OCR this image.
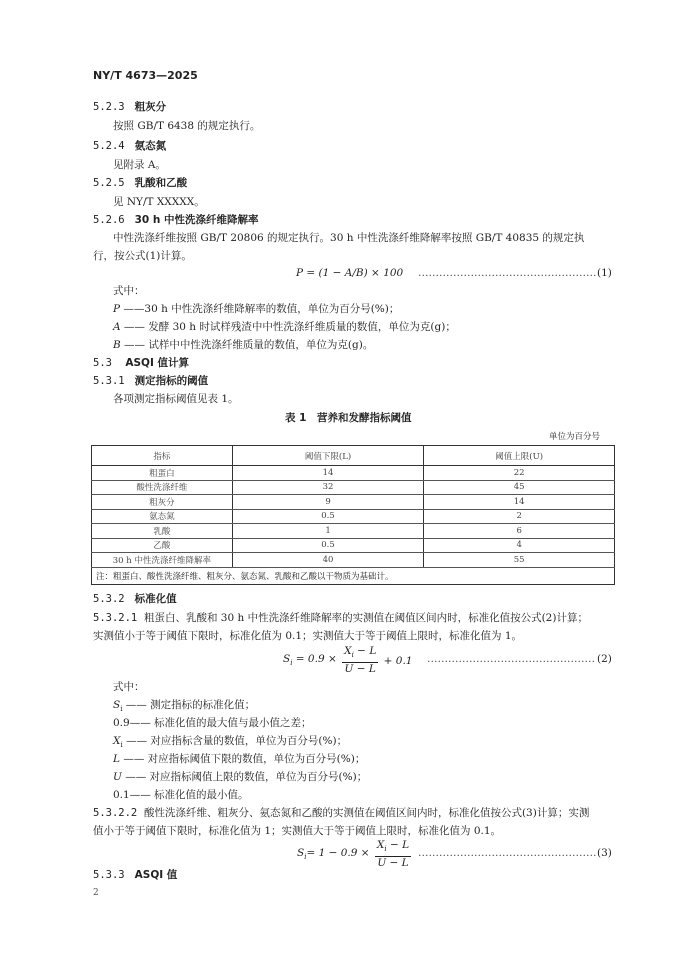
NY/T 4673—2025
5.2.3 粗灰分
按照 GB/T 6438 的规定执行。
5.2.4 氨态氮
见附录 A。
5.2.5 乳酸和乙酸
见 NY/T XXXXX。
5.2.6 30 h 中性洗涤纤维降解率
中性洗涤纤维按照 GB/T 20806 的规定执行。30 h 中性洗涤纤维降解率按照 GB/T 40835 的规定执
行，按公式(1)计算。
P = (1 − A/B) × 100 …………………………………………… (1)
式中：
P ——30 h 中性洗涤纤维降解率的数值，单位为百分号(%)；
A —— 发酵 30 h 时试样残渣中中性洗涤纤维质量的数值，单位为克(g)；
B —— 试样中中性洗涤纤维质量的数值，单位为克(g)。
5.3 ASQI 值计算
5.3.1 测定指标的阈值
各项测定指标阈值见表 1。
表 1　营养和发酵指标阈值
单位为百分号
指标	阈值下限(L)	阈值上限(U)
粗蛋白	14	22
酸性洗涤纤维	32	45
粗灰分	9	14
氨态氮	0.5	2
乳酸	1	6
乙酸	0.5	4
30 h 中性洗涤纤维降解率	40	55
注：粗蛋白、酸性洗涤纤维、粗灰分、氨态氮、乳酸和乙酸以干物质为基础计。		
5.3.2 标准化值
5.3.2.1 粗蛋白、乳酸和 30 h 中性洗涤纤维降解率的实测值在阈值区间内时，标准化值按公式(2)计算；
实测值小于等于阈值下限时，标准化值为 0.1；实测值大于等于阈值上限时，标准化值为 1。
$S_i = 0.9 \times \frac{X_i - L}{U - L} + 0.1$ ………………………………………… (2)
式中：
$S_i$ —— 测定指标的标准化值；
0.9—— 标准化值的最大值与最小值之差；
$X_i$ —— 对应指标含量的数值，单位为百分号(%)；
L —— 对应指标阈值下限的数值，单位为百分号(%)；
U —— 对应指标阈值上限的数值，单位为百分号(%)；
0.1—— 标准化值的最小值。
5.3.2.2 酸性洗涤纤维、粗灰分、氨态氮和乙酸的实测值在阈值区间内时，标准化值按公式(3)计算；实测
值小于等于阈值下限时，标准化值为 1；实测值大于等于阈值上限时，标准化值为 0.1。
$S_i= 1 - 0.9 \times \frac{X_i - L}{U - L}$ …………………………………………… (3)
5.3.3 ASQI 值
2
